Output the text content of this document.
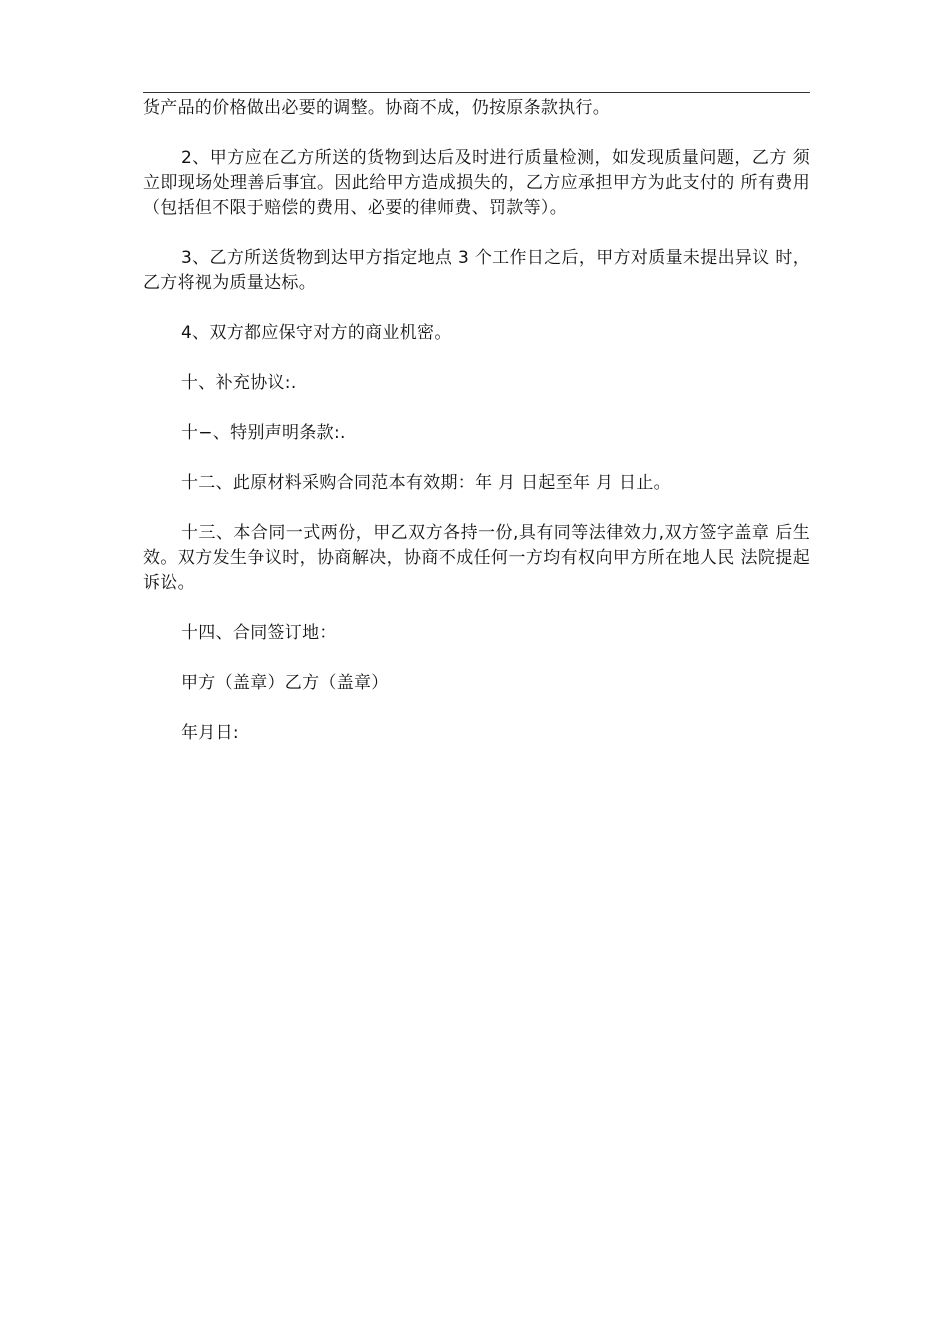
货产品的价格做出必要的调整。协商不成，仍按原条款执行。

2、甲方应在乙方所送的货物到达后及时进行质量检测，如发现质量问题，乙方 须立即现场处理善后事宜。因此给甲方造成损失的，乙方应承担甲方为此支付的 所有费用（包括但不限于赔偿的费用、必要的律师费、罚款等）。

3、乙方所送货物到达甲方指定地点 3 个工作日之后，甲方对质量未提出异议 时，乙方将视为质量达标。

4、双方都应保守对方的商业机密。

十、补充协议:.

十−、特别声明条款:.

十二、此原材料采购合同范本有效期：年 月 日起至年 月 日止。

十三、本合同一式两份，甲乙双方各持一份,具有同等法律效力,双方签字盖章 后生效。双方发生争议时，协商解决，协商不成任何一方均有权向甲方所在地人民 法院提起诉讼。

十四、合同签订地：

甲方（盖章）乙方（盖章）

年月日:
